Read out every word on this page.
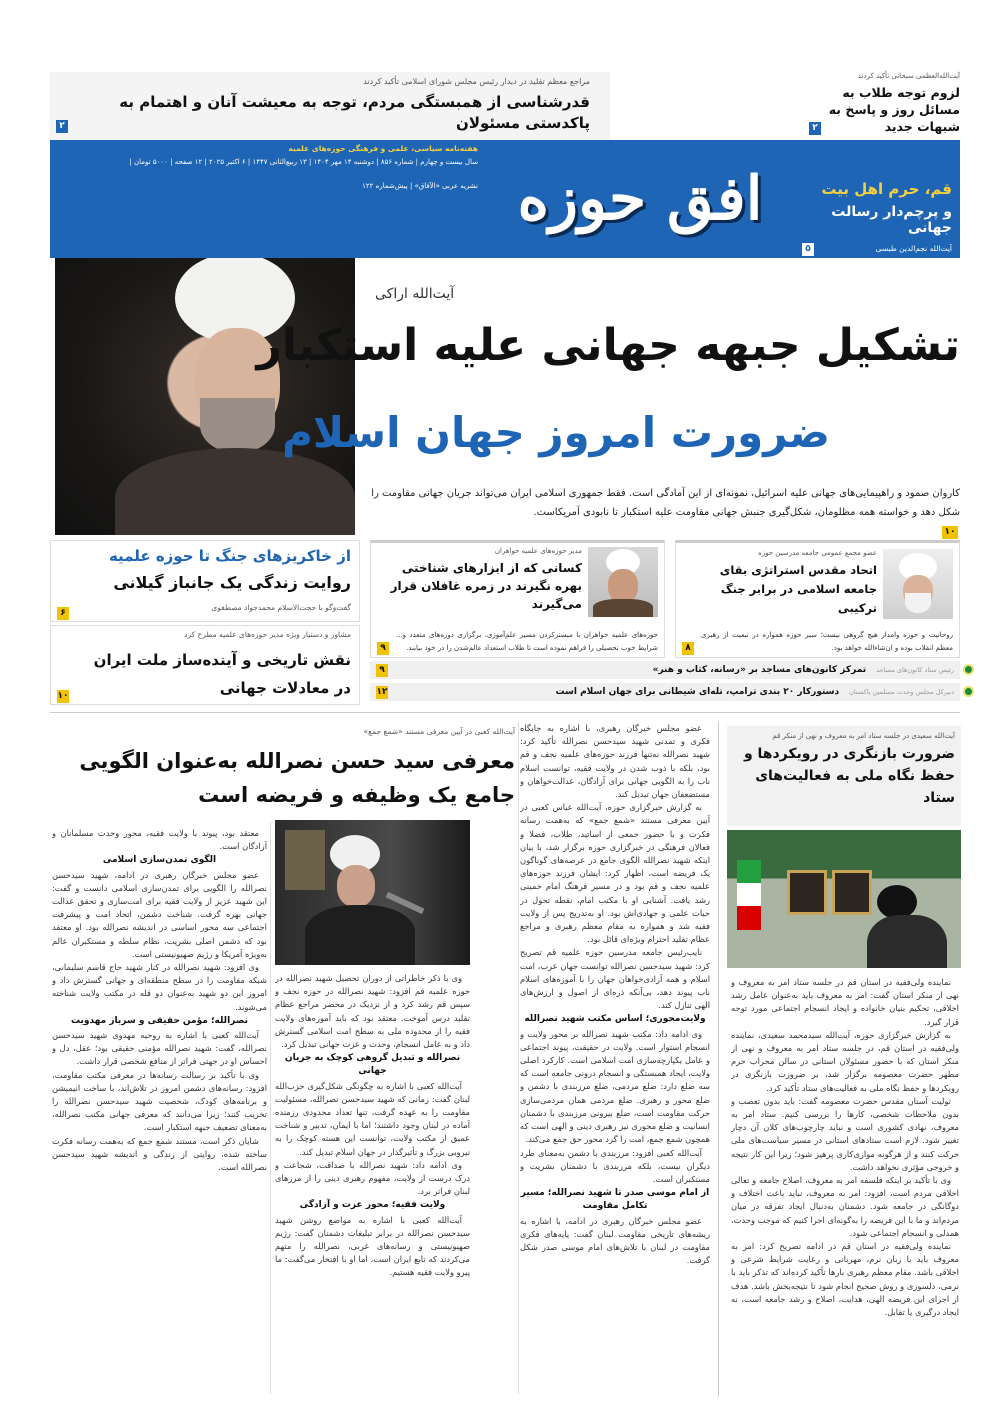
مراجع معظم تقلید در دیدار رئیس مجلس شورای اسلامی تأکید کردند
قدرشناسی از همبستگی مردم، توجه به معیشت آنان و اهتمام به پاکدستی مسئولان
۲
آیت‌الله‌العظمی سبحانی تأکید کردند
لزوم توجه طلاب به مسائل روز و پاسخ به شبهات جدید
۲
هفته‌نامه سیاسی، علمی و فرهنگی حوزه‌های علمیه
سال بیست و چهارم | شماره ۸۵۶ | دوشنبه ۱۴ مهر ۱۴۰۴ | ۱۳ ربیع‌الثانی ۱۴۴۷ | ۶ اکتبر ۲۰۲۵ | ۱۲ صفحه | ۵۰۰۰ تومان |
نشریه عربی «الآفاق» | پیش‌شماره ۱۲۲ افق حوزه	قم، حرم اهل بیت
و پرچم‌دار رسالت جهانی
آیت‌الله نجم‌الدین طبسی
۵
آیت‌الله اراکی
تشکیل جبهه جهانی علیه استکبار
ضرورت امروز جهان اسلام
کاروان صمود و راهپیمایی‌های جهانی علیه اسرائیل، نمونه‌ای از این آمادگی است. فقط جمهوری اسلامی ایران می‌تواند جریان جهانی مقاومت را شکل دهد و خواسته همه مظلومان، شکل‌گیری جنبش جهانی مقاومت علیه استکبار تا نابودی آمریکاست.
۱۰
از خاکریزهای جنگ تا حوزه علمیه
روایت زندگی یک جانباز گیلانی
گفت‌وگو با حجت‌الاسلام محمدجواد مصطفوی
۶
مشاور و دستیار ویژه مدیر حوزه‌های علمیه مطرح کرد
نقش تاریخی و آینده‌ساز ملت ایران در معادلات جهانی
۱۰
مدیر حوزه‌های علمیه خواهران
کسانی که از ابزارهای شناختی بهره نگیرند در زمره غافلان قرار می‌گیرند
حوزه‌های علمیه خواهران با مبسترکردن مسیر علم‌آموزی، برگزاری دوره‌های متعدد و... شرایط خوب تحصیلی را فراهم نموده است تا طلاب استعداد عالم‌شدن را در خود بیابند.
۹
عضو مجمع عمومی جامعه مدرسین حوزه
اتحاد مقدس استراتژی بقای جامعه اسلامی در برابر جنگ ترکیبی
روحانیت و حوزه وامدار هیچ گروهی نیست؛ سیر حوزه همواره در تبعیت از رهبری معظم انقلاب بوده و ان‌شاءالله خواهد بود.
۸
رئیس ستاد کانون‌های مساجد
تمرکز کانون‌های مساجد بر «رسانه، کتاب و هنر»
۹
دبیرکل مجلس وحدت مسلمین پاکستان
دستورکار ۲۰ بندی ترامپ، تله‌ای شیطانی برای جهان اسلام است
۱۲
آیت‌الله سعیدی در جلسه ستاد امر به معروف و نهی از منکر قم
ضرورت بازنگری در رویکردها و حفظ نگاه ملی به فعالیت‌های ستاد

نماینده ولی‌فقیه در استان قم در جلسه ستاد امر به معروف و نهی از منکر استان گفت: امر به معروف باید به‌عنوان عامل رشد اخلاقی، تحکیم بنیان خانواده و ایجاد انسجام اجتماعی مورد توجه قرار گیرد.

به گزارش خبرگزاری حوزه، آیت‌الله سیدمحمد سعیدی، نماینده ولی‌فقیه در استان قم، در جلسه ستاد امر به معروف و نهی از منکر استان که با حضور مسئولان استانی در سالن محراب حرم مطهر حضرت معصومه برگزار شد، بر ضرورت بازنگری در رویکردها و حفظ نگاه ملی به فعالیت‌های ستاد تأکید کرد.

تولیت آستان مقدس حضرت معصومه گفت: باید بدون تعصب و بدون ملاحظات شخصی، کارها را بررسی کنیم. ستاد امر به معروف، نهادی کشوری است و نباید چارچوب‌های کلان آن دچار تغییر شود. لازم است ستادهای استانی در مسیر سیاست‌های ملی حرکت کنند و از هرگونه موازی‌کاری پرهیز شود؛ زیرا این کار نتیجه و خروجی مؤثری نخواهد داشت.

وی با تأکید بر اینکه فلسفه امر به معروف، اصلاح جامعه و تعالی اخلاقی مردم است، افزود: امر به معروف، نباید باعث اختلاف و دوگانگی در جامعه شود. دشمنان به‌دنبال ایجاد تفرقه در میان مردم‌اند و ما با این فریضه را به‌گونه‌ای اجرا کنیم که موجب وحدت، همدلی و انسجام اجتماعی شود.

نماینده ولی‌فقیه در استان قم در ادامه تصریح کرد: امر به معروف باید با زبان نرم، مهربانی و رعایت شرایط شرعی و اخلاقی باشد. مقام معظم رهبری بارها تأکید کرده‌اند که تذکر باید با نرمی، دلسوزی و روش صحیح انجام شود تا نتیجه‌بخش باشد. هدف از اجرای این فریضه الهی، هدایت، اصلاح و رشد جامعه است، نه ایجاد درگیری یا تقابل.

آیت‌الله کعبی در آیین معرفی مستند «شمع جمع»
معرفی سید حسن نصرالله به‌عنوان الگویی جامع یک وظیفه و فریضه است

عضو مجلس خبرگان رهبری، با اشاره به جایگاه فکری و تمدنی شهید سیدحسن نصرالله تأکید کرد: شهید نصرالله نه‌تنها فرزند حوزه‌های علمیه نجف و قم بود، بلکه با ذوب شدن در ولایت فقیه، توانست اسلام ناب را به الگویی جهانی برای آزادگان، عدالت‌خواهان و مستضعفان جهان تبدیل کند.

به گزارش خبرگزاری حوزه، آیت‌الله عباس کعبی در آیین معرفی مستند «شمع جمع» که به‌همت رسانه فکرت و با حضور جمعی از اساتید، طلاب، فضلا و فعالان فرهنگی در خبرگزاری حوزه برگزار شد، با بیان اینکه شهید نصرالله الگوی جامع در عرصه‌های گوناگون یک فریضه است، اظهار کرد: ایشان فرزند حوزه‌های علمیه نجف و قم بود و در مسیر فرهنگ امام خمینی رشد یافت. آشنایی او با مکتب امام، نقطه تحول در حیات علمی و جهادی‌اش بود. او به‌تدریج پس از ولایت فقیه شد و همواره به مقام معظم رهبری و مراجع عظام تقلید احترام ویژه‌ای قائل بود.

نایب‌رئیس جامعه مدرسین حوزه علمیه قم تصریح کرد: شهید سیدحسن نصرالله توانست جهان عرب، امت اسلام و همه آزادی‌خواهان جهان را با آموزه‌های اسلام ناب پیوند دهد، بی‌آنکه ذره‌ای از اصول و ارزش‌های الهی تنازل کند.

ولایت‌محوری؛ اساس مکتب شهید نصرالله

وی ادامه داد: مکتب شهید نصرالله بر محور ولایت و انسجام استوار است. ولایت در حقیقت، پیوند اجتماعی و عامل یکپارچه‌سازی امت اسلامی است. کارکرد اصلی ولایت، ایجاد همبستگی و انسجام درونی جامعه است که سه ضلع دارد: ضلع مردمی، ضلع مرزبندی با دشمن و ضلع محور و رهبری. ضلع مردمی همان مردمی‌سازی حرکت مقاومت است، ضلع بیرونی مرزبندی با دشمنان انسانیت و ضلع محوری نیز رهبری دینی و الهی است که همچون شمع جمع، امت را گرد محور حق جمع می‌کند.

آیت‌الله کعبی افزود: مرزبندی با دشمن به‌معنای طرد دیگران نیست، بلکه مرزبندی با دشمنان بشریت و مستکبران است.

از امام موسی صدر تا شهید نصرالله؛ مسیر تکامل مقاومت

عضو مجلس خبرگان رهبری در ادامه، با اشاره به ریشه‌های تاریخی مقاومت لبنان گفت: پایه‌های فکری مقاومت در لبنان با تلاش‌های امام موسی صدر شکل گرفت.

وی با ذکر خاطراتی از دوران تحصیل شهید نصرالله در حوزه علمیه قم افزود: شهید نصرالله در حوزه نجف و سپس قم رشد کرد و از نزدیک در محضر مراجع عظام تقلید درس آموخت. معتقد بود که باید آموزه‌های ولایت فقیه را از محدوده ملی به سطح امت اسلامی گسترش داد و به عامل انسجام، وحدت و عزت جهانی تبدیل کرد.

نصرالله و تبدیل گروهی کوچک به جریان جهانی

آیت‌الله کعبی با اشاره به چگونگی شکل‌گیری حزب‌الله لبنان گفت: زمانی که شهید سیدحسن نصرالله، مسئولیت مقاومت را به عهده گرفت، تنها تعداد محدودی رزمنده آماده در لبنان وجود داشتند؛ اما با ایمان، تدبیر و شناخت عمیق از مکتب ولایت، توانست این هسته کوچک را به نیرویی بزرگ و تأثیرگذار در جهان اسلام تبدیل کند.

وی ادامه داد: شهید نصرالله با صداقت، شجاعت و درک درست از ولایت، مفهوم رهبری دینی را از مرزهای لبنان فراتر برد.

ولایت فقیه؛ محور عزت و آزادگی

آیت‌الله کعبی با اشاره به مواضع روشن شهید سیدحسن نصرالله در برابر تبلیغات دشمنان گفت: رژیم صهیونیستی و رسانه‌های غربی، نصرالله را متهم می‌کردند که تابع ایران است، اما او با افتخار می‌گفت: ما پیرو ولایت فقیه هستیم.

معتقد بود، پیوند با ولایت فقیه، محور وحدت مسلمانان و آزادگان است.

الگوی تمدن‌سازی اسلامی

عضو مجلس خبرگان رهبری در ادامه، شهید سیدحسن نصرالله را الگویی برای تمدن‌سازی اسلامی دانست و گفت: این شهید عزیز از ولایت فقیه برای امت‌سازی و تحقق عدالت جهانی بهره گرفت. شناخت دشمن، اتحاد امت و پیشرفت اجتماعی سه محور اساسی در اندیشه نصرالله بود. او معتقد بود که دشمن اصلی بشریت، نظام سلطه و مستکبران عالم به‌ویژه آمریکا و رژیم صهیونیستی است.

وی افزود: شهید نصرالله در کنار شهید حاج قاسم سلیمانی، شبکه مقاومت را در سطح منطقه‌ای و جهانی گسترش داد و امروز این دو شهید به‌عنوان دو قله در مکتب ولایت شناخته می‌شوند.

نصرالله؛ مؤمن حقیقی و سرباز مهدویت

آیت‌الله کعبی با اشاره به روحیه مهدوی شهید سیدحسن نصرالله، گفت: شهید نصرالله مؤمنی حقیقی بود؛ عقل، دل و احساس او در جهتی فراتر از منافع شخصی قرار داشت.

وی با تأکید بر رسالت رسانه‌ها در معرفی مکتب مقاومت، افزود: رسانه‌های دشمن امروز در تلاش‌اند، با ساخت انیمیشن و برنامه‌های کودک، شخصیت شهید سیدحسن نصرالله را تخریب کنند؛ زیرا می‌دانند که معرفی جهانی مکتب نصرالله، به‌معنای تضعیف جبهه استکبار است.

شایان ذکر است، مستند شمع جمع که به‌همت رسانه فکرت ساخته شده، روایتی از زندگی و اندیشه شهید سیدحسن نصرالله است.
